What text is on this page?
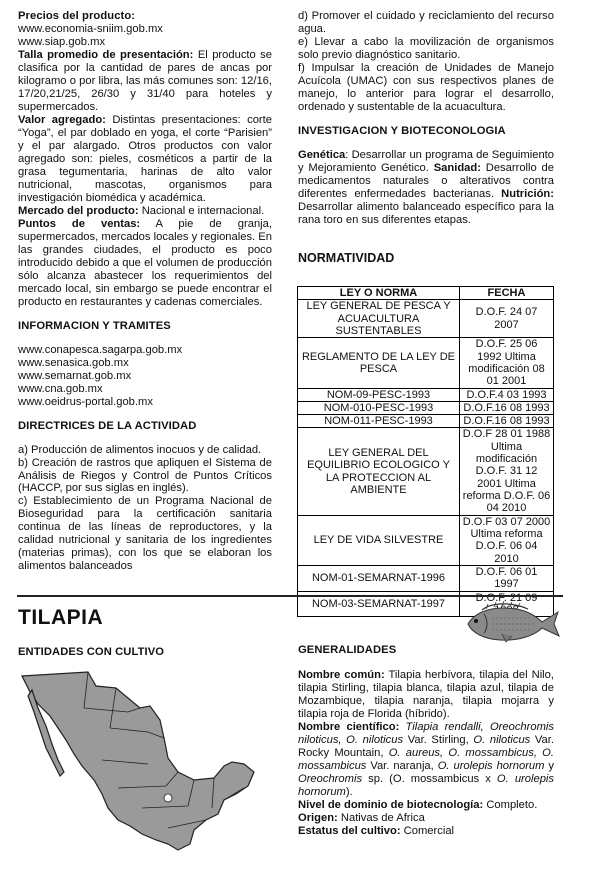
Precios del producto:

www.economia-sniim.gob.mx

www.siap.gob.mx

Talla promedio de presentación: El producto se clasifica por la cantidad de pares de ancas por kilogramo o por libra, las más comunes son: 12/16, 17/20,21/25, 26/30 y 31/40 para hoteles y supermercados.

Valor agregado: Distintas presentaciones: corte “Yoga”, el par doblado en yoga, el corte “Parisien” y el par alargado. Otros productos con valor agregado son: pieles, cosméticos a partir de la grasa tegumentaria, harinas de alto valor nutricional, mascotas, organismos para investigación biomédica y académica.

Mercado del producto: Nacional e internacional.

Puntos de ventas: A pie de granja, supermercados, mercados locales y regionales. En las grandes ciudades, el producto es poco introducido debido a que el volumen de producción sólo alcanza abastecer los requerimientos del mercado local, sin embargo se puede encontrar el producto en restaurantes y cadenas comerciales.

INFORMACION Y TRAMITES

www.conapesca.sagarpa.gob.mx

www.senasica.gob.mx

www.semarnat.gob.mx

www.cna.gob.mx

www.oeidrus-portal.gob.mx

DIRECTRICES DE LA ACTIVIDAD

a) Producción de alimentos inocuos y de calidad.

b) Creación de rastros que apliquen el Sistema de Análisis de Riegos y Control de Puntos Críticos (HACCP, por sus siglas en inglés).

c) Establecimiento de un Programa Nacional de Bioseguridad para la certificación sanitaria continua de las líneas de reproductores, y la calidad nutricional y sanitaria de los ingredientes (materias primas), con los que se elaboran los alimentos balanceados

d) Promover el cuidado y reciclamiento del recurso agua.

e) Llevar a cabo la movilización de organismos solo previo diagnóstico sanitario.

f) Impulsar la creación de Unidades de Manejo Acuícola (UMAC) con sus respectivos planes de manejo, lo anterior para lograr el desarrollo, ordenado y sustentable de la acuacultura.

INVESTIGACION Y BIOTECONOLOGIA

Genética: Desarrollar un programa de Seguimiento y Mejoramiento Genético. Sanidad: Desarrollo de medicamentos naturales o alterativos contra diferentes enfermedades bacterianas. Nutrición: Desarrollar alimento balanceado específico para la rana toro en sus diferentes etapas.

NORMATIVIDAD
LEY O NORMA	FECHA
LEY GENERAL DE PESCA Y ACUACULTURA SUSTENTABLES	D.O.F. 24 07 2007
REGLAMENTO DE LA LEY DE PESCA	D.O.F. 25 06 1992 Ultima modificación 08 01 2001
NOM-09-PESC-1993	D.O.F.4 03 1993
NOM-010-PESC-1993	D.O.F.16 08 1993
NOM-011-PESC-1993	D.O.F.16 08 1993
LEY GENERAL DEL EQUILIBRIO ECOLOGICO Y LA PROTECCION AL AMBIENTE	D.O.F 28 01 1988 Ultima modificación D.O.F. 31 12 2001 Ultima reforma D.O.F. 06 04 2010
LEY DE VIDA SILVESTRE	D.O.F 03 07 2000 Ultima reforma D.O.F. 06 04 2010
NOM-01-SEMARNAT-1996	D.O.F. 06 01 1997
NOM-03-SEMARNAT-1997	D.O.F. 21 09
TILAPIA
ENTIDADES CON CULTIVO	GENERALIDADES

Nombre común: Tilapia herbívora, tilapia del Nilo, tilapia Stirling, tilapia blanca, tilapia azul, tilapia de Mozambique, tilapia naranja, tilapia mojarra y tilapia roja de Florida (híbrido).

Nombre científico: Tilapia rendalli, Oreochromis niloticus, O. niloticus Var. Stirling, O. niloticus Var. Rocky Mountain, O. aureus, O. mossambicus, O. mossambicus Var. naranja, O. urolepis hornorum y Oreochromis sp. (O. mossambicus x O. urolepis hornorum).

Nivel de dominio de biotecnología: Completo.

Origen: Nativas de Africa

Estatus del cultivo: Comercial
